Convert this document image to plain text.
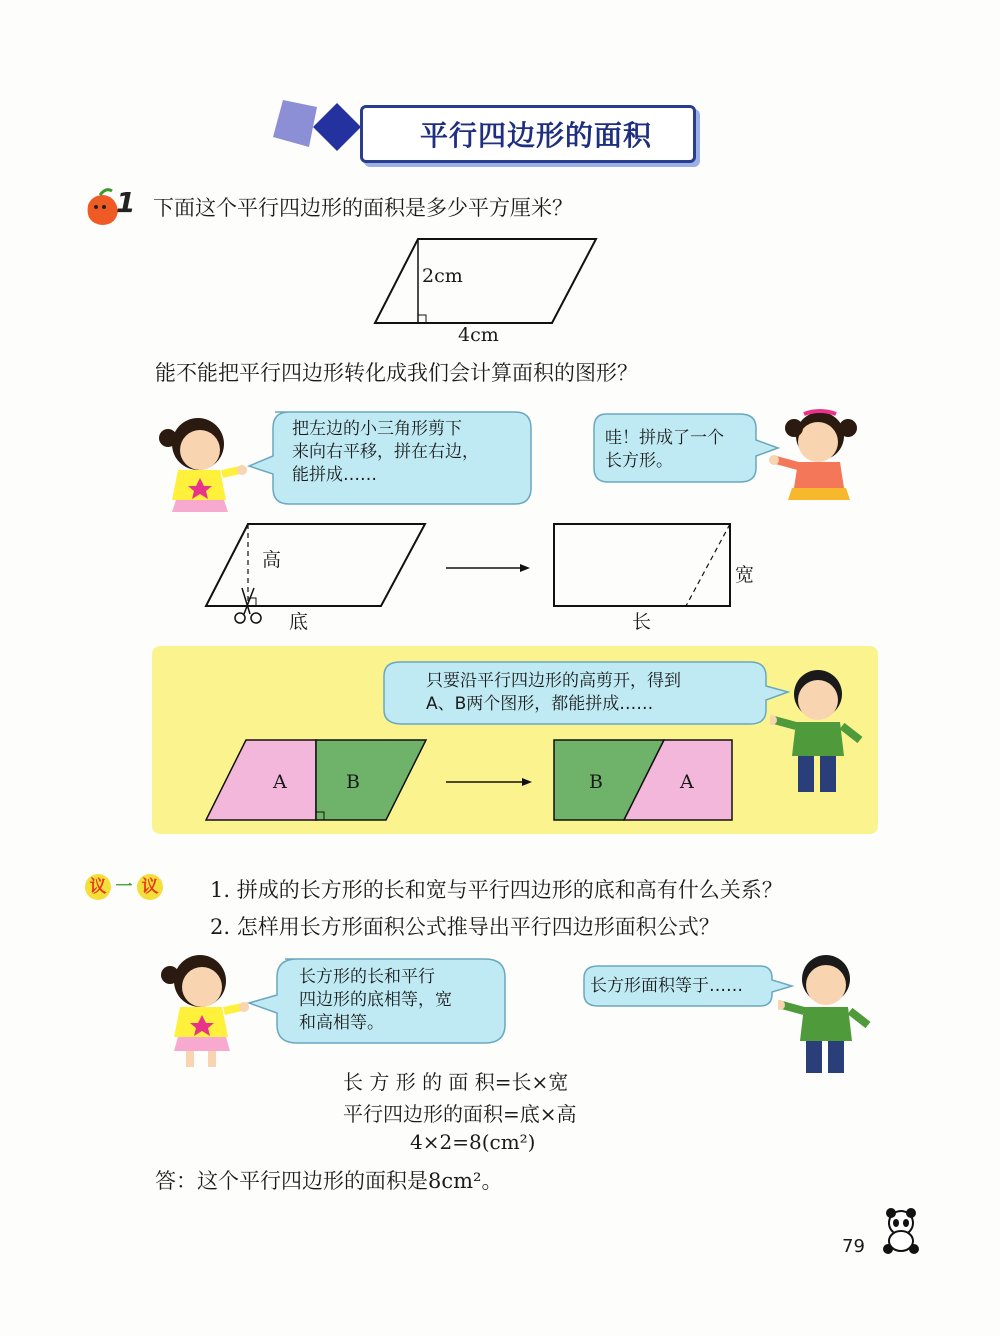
平行四边形的面积
1 下面这个平行四边形的面积是多少平方厘米？
2cm
4cm
能不能把平行四边形转化成我们会计算面积的图形？
把左边的小三角形剪下
来向右平移，拼在右边，
能拼成……
哇！拼成了一个
长方形。
高
底
宽
长
只要沿平行四边形的高剪开，得到
A、B两个图形，都能拼成……
A	B	B	A
议 一 议	1. 拼成的长方形的长和宽与平行四边形的底和高有什么关系？
2. 怎样用长方形面积公式推导出平行四边形面积公式？
长方形的长和平行
四边形的底相等，宽
和高相等。
长方形面积等于……
长 方 形 的 面 积=长×宽
平行四边形的面积=底×高
4×2=8(cm²)
答：这个平行四边形的面积是8cm²。
79
